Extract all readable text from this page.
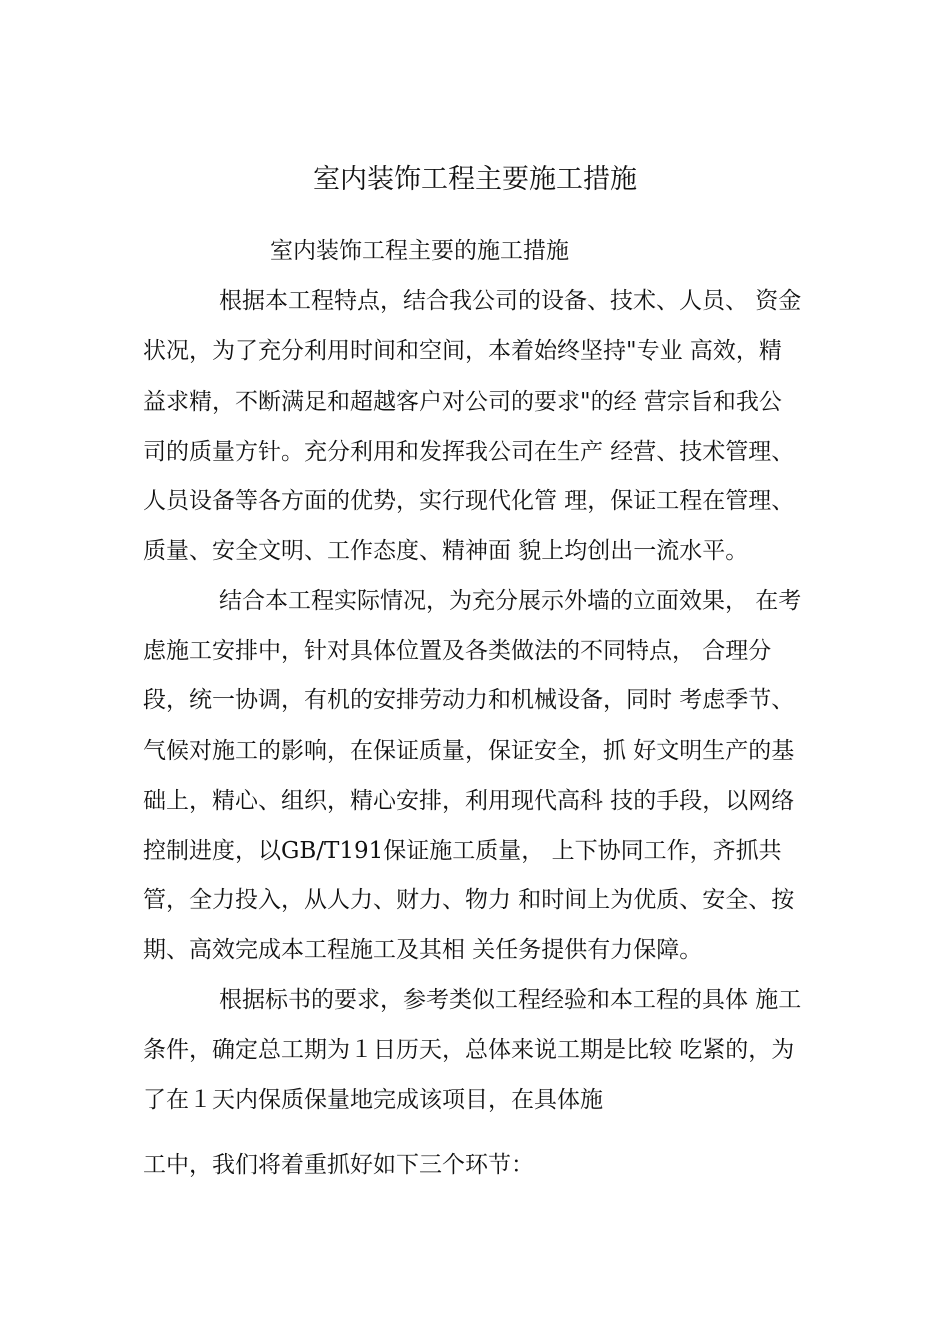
室内装饰工程主要施工措施
室内装饰工程主要的施工措施
根据本工程特点，结合我公司的设备、技术、人员、 资金
状况，为了充分利用时间和空间，本着始终坚持"专业 高效，精
益求精，不断满足和超越客户对公司的要求"的经 营宗旨和我公
司的质量方针。充分利用和发挥我公司在生产 经营、技术管理、
人员设备等各方面的优势，实行现代化管 理，保证工程在管理、
质量、安全文明、工作态度、精神面 貌上均创出一流水平。
结合本工程实际情况，为充分展示外墙的立面效果， 在考
虑施工安排中，针对具体位置及各类做法的不同特点， 合理分
段，统一协调，有机的安排劳动力和机械设备，同时 考虑季节、
气候对施工的影响，在保证质量，保证安全，抓 好文明生产的基
础上，精心、组织，精心安排，利用现代高科 技的手段，以网络
控制进度，以GB/T191保证施工质量， 上下协同工作，齐抓共
管，全力投入，从人力、财力、物力 和时间上为优质、安全、按
期、高效完成本工程施工及其相 关任务提供有力保障。
根据标书的要求，参考类似工程经验和本工程的具体 施工
条件，确定总工期为１日历天，总体来说工期是比较 吃紧的，为
了在１天内保质保量地完成该项目，在具体施
工中，我们将着重抓好如下三个环节：
